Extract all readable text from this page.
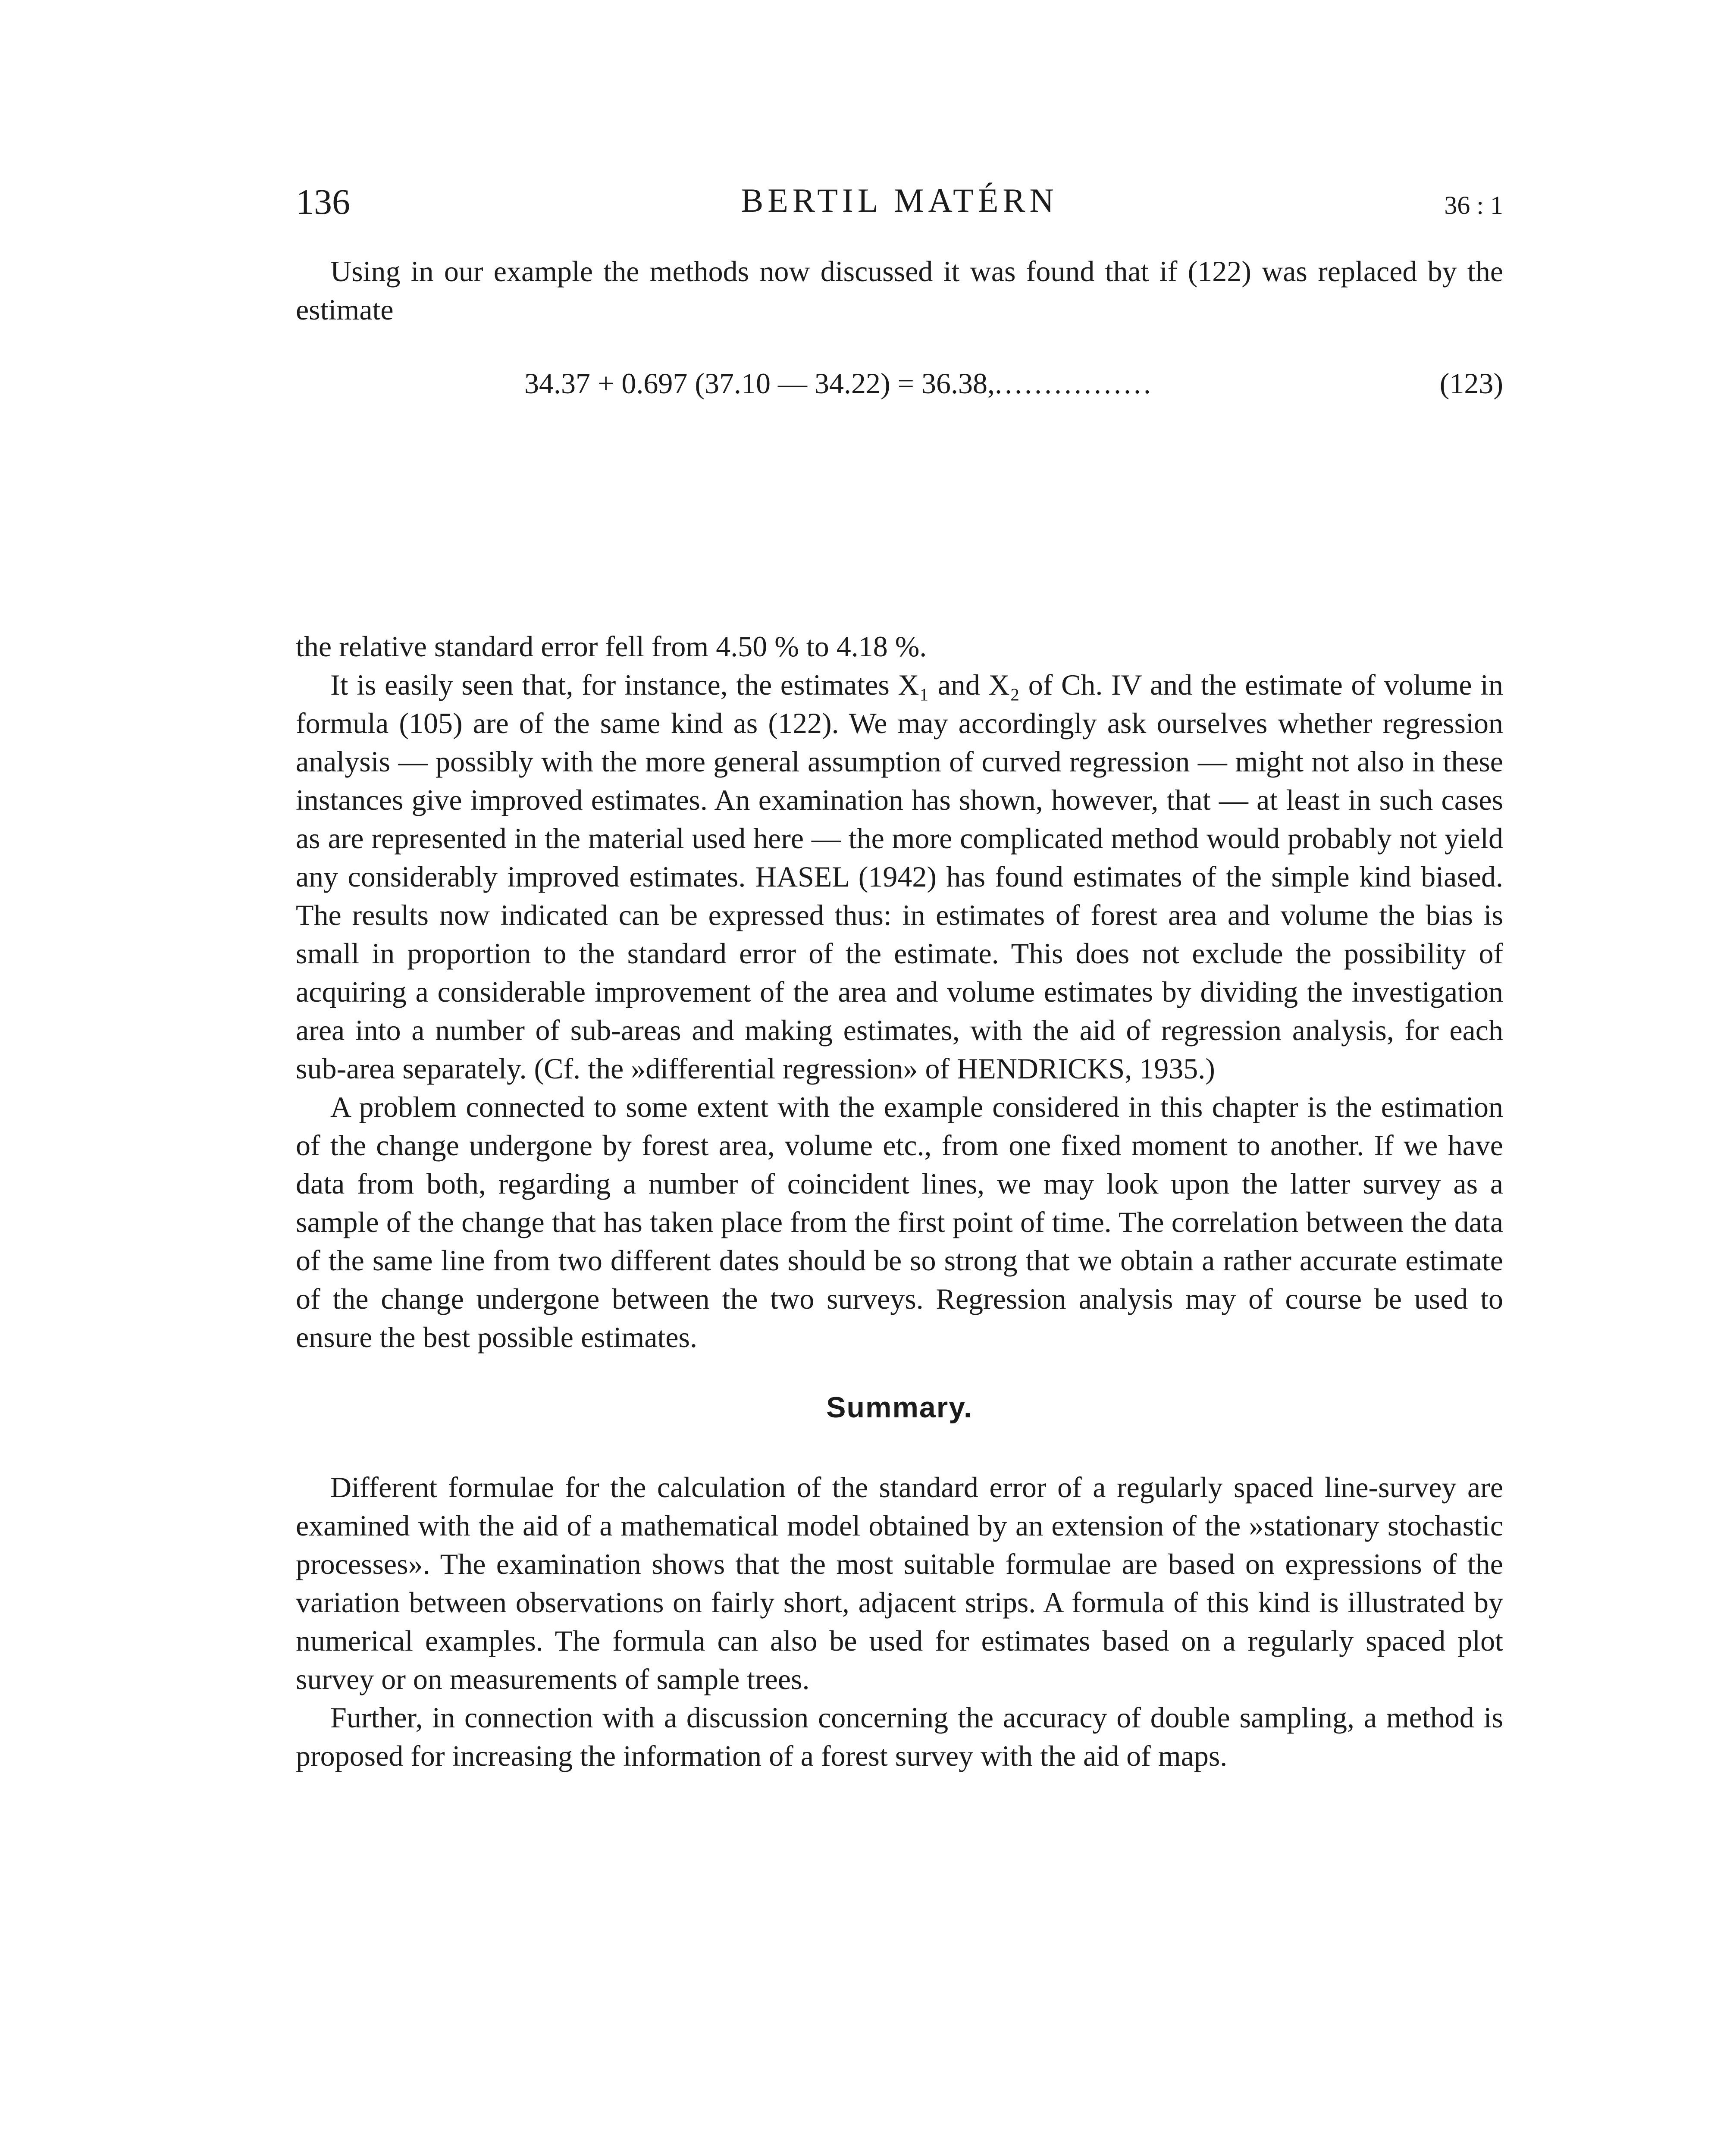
136	BERTIL MATÉRN	36 : 1

Using in our example the methods now discussed it was found that if (122) was replaced by the estimate

34.37 + 0.697 (37.10 — 34.22) = 36.38,................	(123)

the relative standard error fell from 4.50 % to 4.18 %.

It is easily seen that, for instance, the estimates X₁ and X₂ of Ch. IV and the estimate of volume in formula (105) are of the same kind as (122). We may accordingly ask ourselves whether regression analysis — possibly with the more general assumption of curved regression — might not also in these instances give improved estimates. An examination has shown, however, that — at least in such cases as are represented in the material used here — the more complicated method would probably not yield any considerably improved estimates. HASEL (1942) has found estimates of the simple kind biased. The results now indicated can be expressed thus: in estimates of forest area and volume the bias is small in proportion to the standard error of the estimate. This does not exclude the possibility of acquiring a considerable improvement of the area and volume estimates by dividing the investigation area into a number of sub-areas and making estimates, with the aid of regression analysis, for each sub-area separately. (Cf. the »differential regression» of HENDRICKS, 1935.)

A problem connected to some extent with the example considered in this chapter is the estimation of the change undergone by forest area, volume etc., from one fixed moment to another. If we have data from both, regarding a number of coincident lines, we may look upon the latter survey as a sample of the change that has taken place from the first point of time. The correlation between the data of the same line from two different dates should be so strong that we obtain a rather accurate estimate of the change undergone between the two surveys. Regression analysis may of course be used to ensure the best possible estimates.

Summary.

Different formulae for the calculation of the standard error of a regularly spaced line-survey are examined with the aid of a mathematical model obtained by an extension of the »stationary stochastic processes». The examination shows that the most suitable formulae are based on expressions of the variation between observations on fairly short, adjacent strips. A formula of this kind is illustrated by numerical examples. The formula can also be used for estimates based on a regularly spaced plot survey or on measurements of sample trees.

Further, in connection with a discussion concerning the accuracy of double sampling, a method is proposed for increasing the information of a forest survey with the aid of maps.
